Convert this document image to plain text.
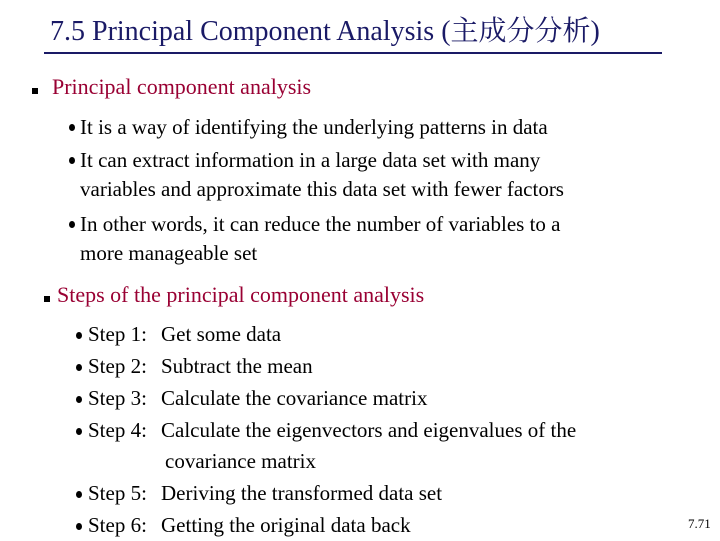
7.5 Principal Component Analysis (主成分分析)
Principal component analysis
It is a way of identifying the underlying patterns in data
It can extract information in a large data set with many
variables and approximate this data set with fewer factors
In other words, it can reduce the number of variables to a
more manageable set
Steps of the principal component analysis
Step 1: Get some data
Step 2: Subtract the mean
Step 3: Calculate the covariance matrix
Step 4: Calculate the eigenvectors and eigenvalues of the
covariance matrix
Step 5: Deriving the transformed data set
Step 6: Getting the original data back	7.71
